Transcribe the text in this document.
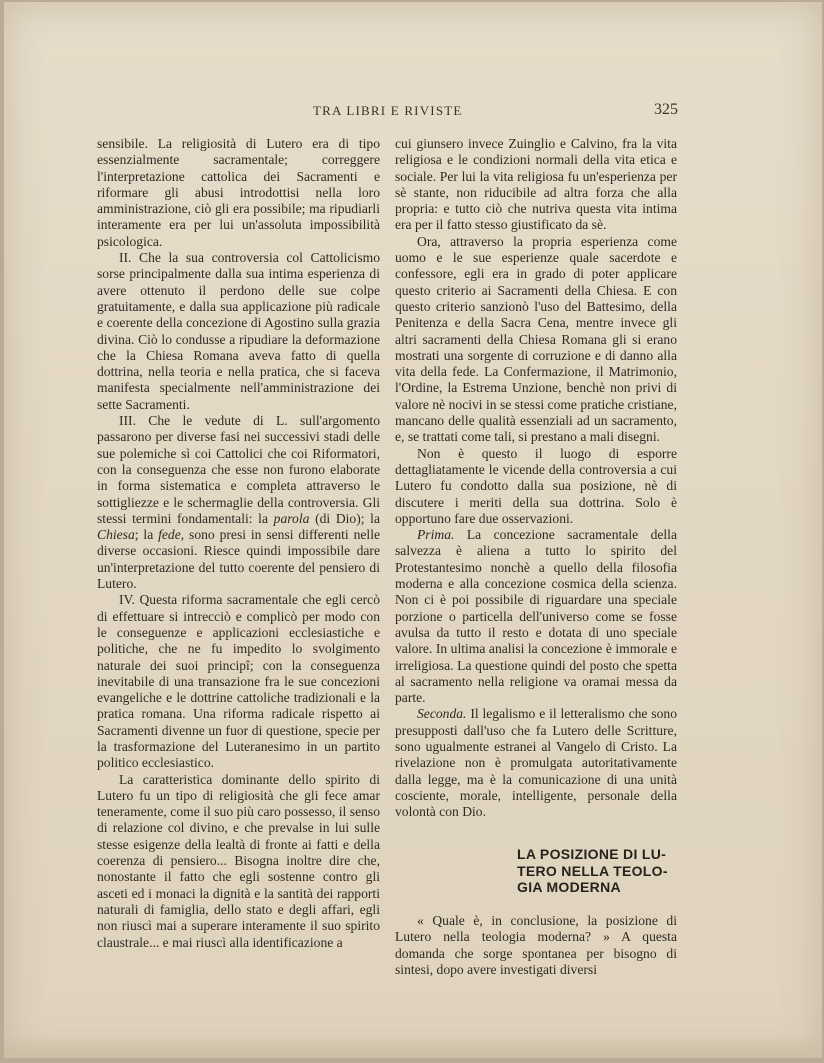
TRA LIBRI E RIVISTE	325

sensibile. La religiosità di Lutero era di tipo essenzialmente sacramentale; correggere l'interpretazione cattolica dei Sacramenti e riformare gli abusi introdottisi nella loro amministrazione, ciò gli era possibile; ma ripudiarli interamente era per lui un'assoluta impossibilità psicologica.

II. Che la sua controversia col Cattolicismo sorse principalmente dalla sua intima esperienza di avere ottenuto il perdono delle sue colpe gratuitamente, e dalla sua applicazione più radicale e coerente della concezione di Agostino sulla grazia divina. Ciò lo condusse a ripudiare la deformazione che la Chiesa Romana aveva fatto di quella dottrina, nella teoria e nella pratica, che si faceva manifesta specialmente nell'amministrazione dei sette Sacramenti.

III. Che le vedute di L. sull'argomento passarono per diverse fasi nei successivi stadi delle sue polemiche sì coi Cattolici che coi Riformatori, con la conseguenza che esse non furono elaborate in forma sistematica e completa attraverso le sottigliezze e le schermaglie della controversia. Gli stessi termini fondamentali: la parola (di Dio); la Chiesa; la fede, sono presi in sensi differenti nelle diverse occasioni. Riesce quindi impossibile dare un'interpretazione del tutto coerente del pensiero di Lutero.

IV. Questa riforma sacramentale che egli cercò di effettuare si intrecciò e complicò per modo con le conseguenze e applicazioni ecclesiastiche e politiche, che ne fu impedito lo svolgimento naturale dei suoi principî; con la conseguenza inevitabile di una transazione fra le sue concezioni evangeliche e le dottrine cattoliche tradizionali e la pratica romana. Una riforma radicale rispetto ai Sacramenti divenne un fuor di questione, specie per la trasformazione del Luteranesimo in un partito politico ecclesiastico.

La caratteristica dominante dello spirito di Lutero fu un tipo di religiosità che gli fece amar teneramente, come il suo più caro possesso, il senso di relazione col divino, e che prevalse in lui sulle stesse esigenze della lealtà di fronte ai fatti e della coerenza di pensiero... Bisogna inoltre dire che, nonostante il fatto che egli sostenne contro gli asceti ed i monaci la dignità e la santità dei rapporti naturali di famiglia, dello stato e degli affari, egli non riuscì mai a superare interamente il suo spirito claustrale... e mai riuscì alla identificazione a

cui giunsero invece Zuinglio e Calvino, fra la vita religiosa e le condizioni normali della vita etica e sociale. Per lui la vita religiosa fu un'esperienza per sè stante, non riducibile ad altra forza che alla propria: e tutto ciò che nutriva questa vita intima era per il fatto stesso giustificato da sè.

Ora, attraverso la propria esperienza come uomo e le sue esperienze quale sacerdote e confessore, egli era in grado di poter applicare questo criterio ai Sacramenti della Chiesa. E con questo criterio sanzionò l'uso del Battesimo, della Penitenza e della Sacra Cena, mentre invece gli altri sacramenti della Chiesa Romana gli si erano mostrati una sorgente di corruzione e di danno alla vita della fede. La Confermazione, il Matrimonio, l'Ordine, la Estrema Unzione, benchè non privi di valore nè nocivi in se stessi come pratiche cristiane, mancano delle qualità essenziali ad un sacramento, e, se trattati come tali, si prestano a mali disegni.

Non è questo il luogo di esporre dettagliatamente le vicende della controversia a cui Lutero fu condotto dalla sua posizione, nè di discutere i meriti della sua dottrina. Solo è opportuno fare due osservazioni.

Prima. La concezione sacramentale della salvezza è aliena a tutto lo spirito del Protestantesimo nonchè a quello della filosofia moderna e alla concezione cosmica della scienza. Non ci è poi possibile di riguardare una speciale porzione o particella dell'universo come se fosse avulsa da tutto il resto e dotata di uno speciale valore. In ultima analisi la concezione è immorale e irreligiosa. La questione quindi del posto che spetta al sacramento nella religione va oramai messa da parte.

Seconda. Il legalismo e il letteralismo che sono presupposti dall'uso che fa Lutero delle Scritture, sono ugualmente estranei al Vangelo di Cristo. La rivelazione non è promulgata autoritativamente dalla legge, ma è la comunicazione di una unità cosciente, morale, intelligente, personale della volontà con Dio.

LA POSIZIONE DI LU-
TERO NELLA TEOLO-
GIA MODERNA

« Quale è, in conclusione, la posizione di Lutero nella teologia moderna? » A questa domanda che sorge spontanea per bisogno di sintesi, dopo avere investigati diversi
